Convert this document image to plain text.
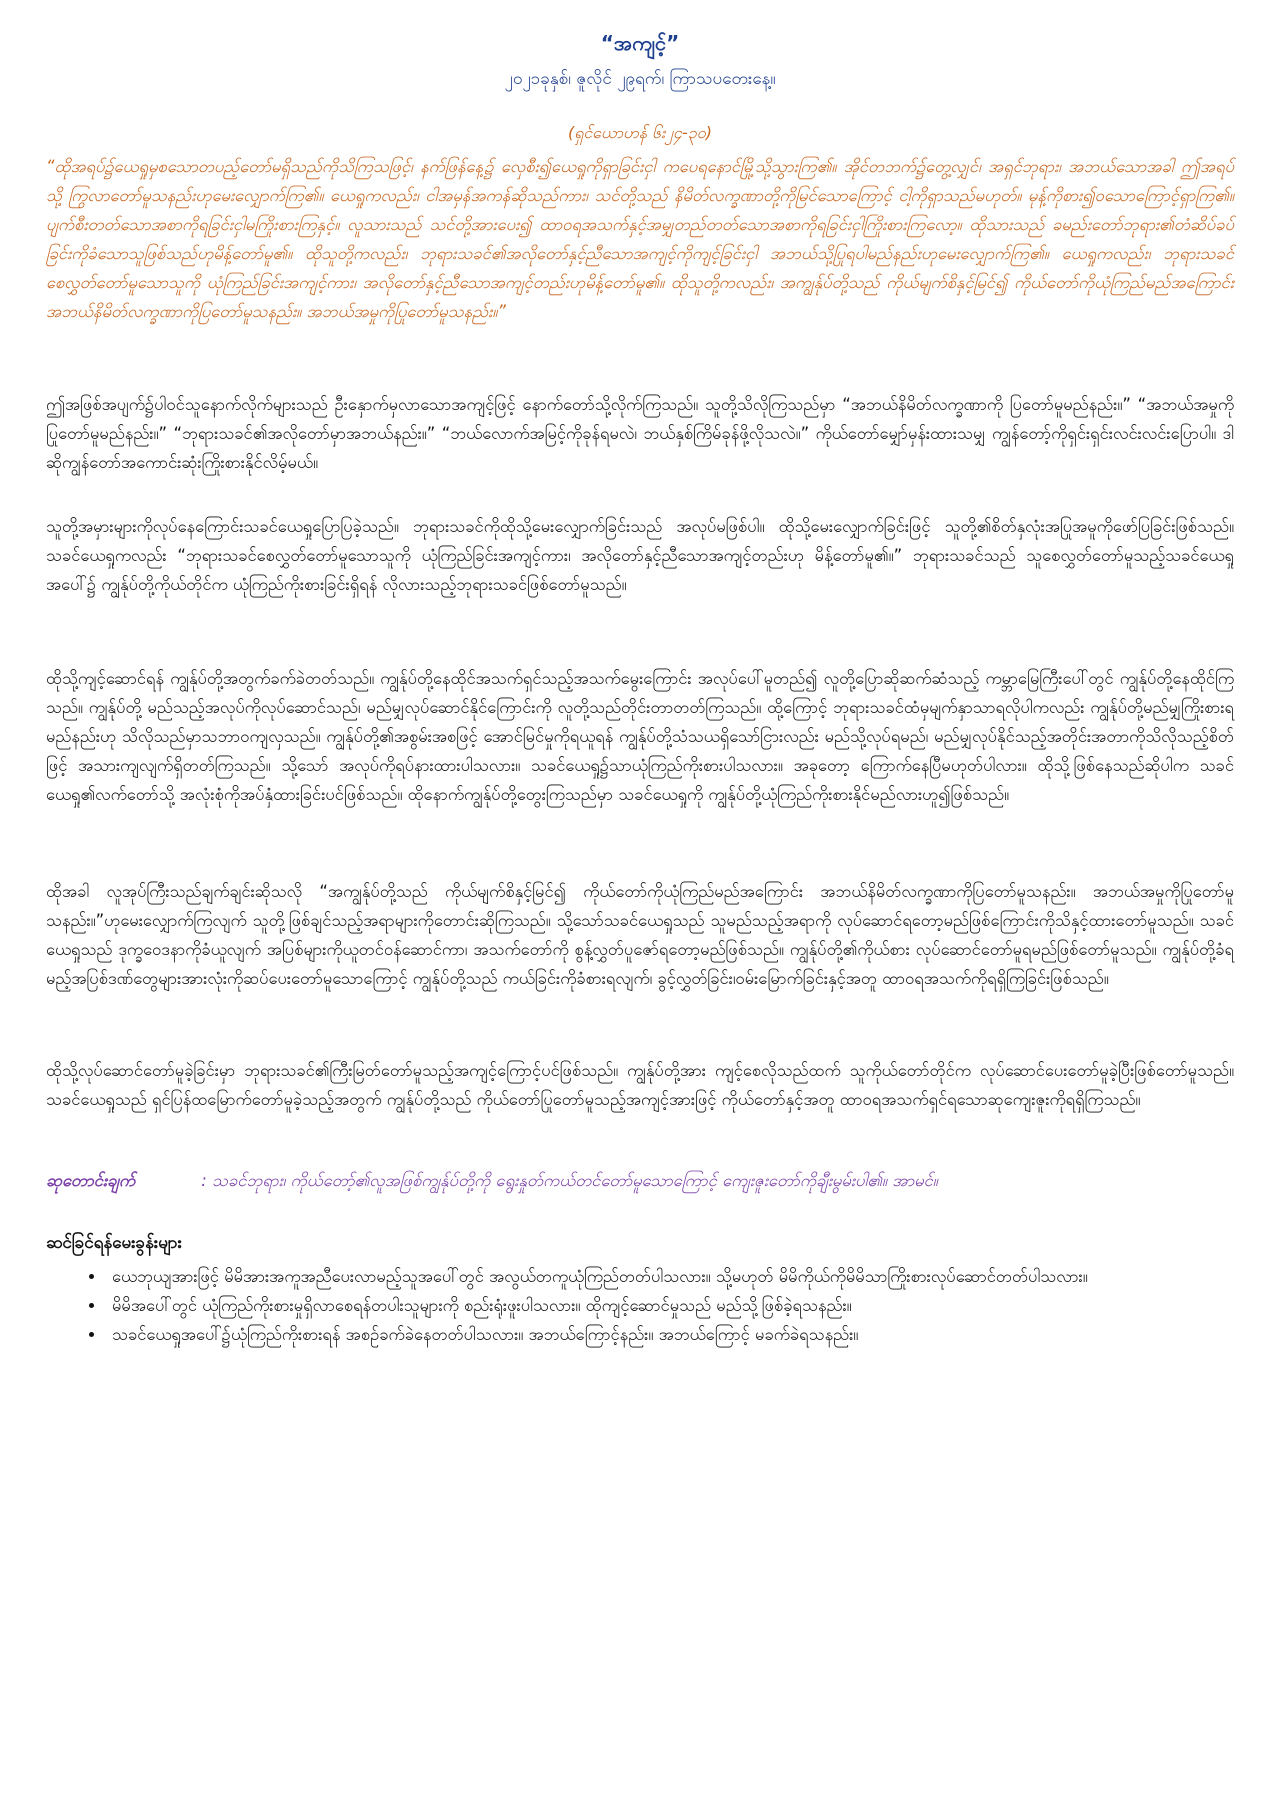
“အကျင့်”
၂၀၂၁ခုနှစ်၊ ဇူလိုင် ၂၉ရက်၊ ကြာသပတေးနေ့။
(ရှင်ယောဟန် ၆း၂၄-၃၀)
“ထိုအရပ်၌ယေရှုမှစသောတပည့်တော်မရှိသည်ကိုသိကြသဖြင့်၊ နက်ဖြန်နေ့၌ လှေစီး၍ယေရှုကိုရှာခြင်းငှါ ကပေရနောင်မြို့သို့သွားကြ၏။ အိုင်တဘက်၌တွေ့လျှင်၊ အရှင်ဘုရား၊ အဘယ်သောအခါ ဤအရပ်သို့ ကြွလာတော်မူသနည်းဟုမေးလျှောက်ကြ၏။ ယေရှုကလည်း၊ ငါအမှန်အကန်ဆိုသည်ကား၊ သင်တို့သည် နိမိတ်လက္ခဏာတို့ကိုမြင်သောကြောင့် ငါ့ကိုရှာသည်မဟုတ်။ မုန့်ကိုစား၍ဝသောကြောင့်ရှာကြ၏။ ပျက်စီးတတ်သောအစာကိုရခြင်းငှါမကြိုးစားကြနှင့်။ လူသားသည် သင်တို့အားပေး၍ ထာဝရအသက်နှင့်အမျှတည်တတ်သောအစာကိုရခြင်းငှါကြိုးစားကြလော့။ ထိုသားသည် ခမည်းတော်ဘုရား၏တံဆိပ်ခပ်ခြင်းကိုခံသောသူဖြစ်သည်ဟုမိန့်တော်မူ၏။ ထိုသူတို့ကလည်း၊ ဘုရားသခင်၏အလိုတော်နှင့်ညီသောအကျင့်ကိုကျင့်ခြင်းငှါ အဘယ်သို့ပြုရပါမည်နည်းဟုမေးလျှောက်ကြ၏။ ယေရှုကလည်း၊ ဘုရားသခင်စေလွှတ်တော်မူသောသူကို ယုံကြည်ခြင်းအကျင့်ကား၊ အလိုတော်နှင့်ညီသောအကျင့်တည်းဟုမိန့်တော်မူ၏။ ထိုသူတို့ကလည်း၊ အကျွန်ုပ်တို့သည် ကိုယ်မျက်စိနှင့်မြင်၍ ကိုယ်တော်ကိုယုံကြည်မည်အကြောင်း အဘယ်နိမိတ်လက္ခဏာကိုပြတော်မူသနည်း။ အဘယ်အမှုကိုပြုတော်မူသနည်း။”
ဤအဖြစ်အပျက်၌ပါဝင်သူနောက်လိုက်များသည် ဦးနှောက်မှလာသောအကျင့်ဖြင့် နောက်တော်သို့လိုက်ကြသည်။ သူတို့သိလိုကြသည်မှာ “အဘယ်နိမိတ်လက္ခဏာကို ပြတော်မူမည်နည်း။” “အဘယ်အမှုကိုပြုတော်မူမည်နည်း။” “ဘုရားသခင်၏အလိုတော်မှာအဘယ်နည်း။” “ဘယ်လောက်အမြင့်ကိုခုန်ရမလဲ၊ ဘယ်နှစ်ကြိမ်ခုန်ဖို့လိုသလဲ။” ကိုယ်တော်မျှော်မှန်းထားသမျှ ကျွန်တော့်ကိုရှင်းရှင်းလင်းလင်းပြောပါ။ ဒါဆိုကျွန်တော်အကောင်းဆုံးကြိုးစားနိုင်လိမ့်မယ်။
သူတို့အမှားများကိုလုပ်နေကြောင်းသခင်ယေရှုပြောပြခဲ့သည်။ ဘုရားသခင်ကိုထိုသို့မေးလျှောက်ခြင်းသည် အလုပ်မဖြစ်ပါ။ ထိုသို့မေးလျှောက်ခြင်းဖြင့် သူတို့၏စိတ်နှလုံးအပြုအမူကိုဖော်ပြခြင်းဖြစ်သည်။ သခင်ယေရှုကလည်း “ဘုရားသခင်စေလွှတ်တော်မူသောသူကို ယုံကြည်ခြင်းအကျင့်ကား၊ အလိုတော်နှင့်ညီသောအကျင့်တည်းဟု မိန့်တော်မူ၏။” ဘုရားသခင်သည် သူစေလွှတ်တော်မူသည့်သခင်ယေရှုအပေါ်၌ ကျွန်ုပ်တို့ကိုယ်တိုင်က ယုံကြည်ကိုးစားခြင်းရှိရန် လိုလားသည့်ဘုရားသခင်ဖြစ်တော်မူသည်။
ထိုသို့ကျင့်ဆောင်ရန် ကျွန်ုပ်တို့အတွက်ခက်ခဲတတ်သည်။ ကျွန်ုပ်တို့နေထိုင်အသက်ရှင်သည့်အသက်မွေးကြောင်း အလုပ်ပေါ်မူတည်၍ လူတို့ပြောဆိုဆက်ဆံသည့် ကမ္ဘာမြေကြီးပေါ်တွင် ကျွန်ုပ်တို့နေထိုင်ကြသည်။ ကျွန်ုပ်တို့ မည်သည့်အလုပ်ကိုလုပ်ဆောင်သည်၊ မည်မျှလုပ်ဆောင်နိုင်ကြောင်းကို လူတို့သည်တိုင်းတာတတ်ကြသည်။ ထို့ကြောင့် ဘုရားသခင်ထံမှမျက်နှာသာရလိုပါကလည်း ကျွန်ုပ်တို့မည်မျှကြိုးစားရမည်နည်းဟု သိလိုသည်မှာသဘာဝကျလှသည်။ ကျွန်ုပ်တို့၏အစွမ်းအစဖြင့် အောင်မြင်မှုကိုရယူရန် ကျွန်ုပ်တို့သံသယရှိသော်ငြားလည်း မည်သို့လုပ်ရမည်၊ မည်မျှလုပ်နိုင်သည့်အတိုင်းအတာကိုသိလိုသည့်စိတ်ဖြင့် အသားကျလျက်ရှိတတ်ကြသည်။ သို့သော် အလုပ်ကိုရပ်နားထားပါသလား။ သခင်ယေရှု၌သာယုံကြည်ကိုးစားပါသလား။ အခုတော့ ကြောက်နေပြီမဟုတ်ပါလား။ ထိုသို့ဖြစ်နေသည်ဆိုပါက သခင်ယေရှု၏လက်တော်သို့ အလုံးစုံကိုအပ်နှံထားခြင်းပင်ဖြစ်သည်။ ထိုနောက်ကျွန်ုပ်တို့တွေးကြသည်မှာ သခင်ယေရှုကို ကျွန်ုပ်တို့ယုံကြည်ကိုးစားနိုင်မည်လားဟူ၍ဖြစ်သည်။
ထိုအခါ လူအုပ်ကြီးသည်ချက်ချင်းဆိုသလို “အကျွန်ုပ်တို့သည် ကိုယ်မျက်စိနှင့်မြင်၍ ကိုယ်တော်ကိုယုံကြည်မည်အကြောင်း အဘယ်နိမိတ်လက္ခဏာကိုပြတော်မူသနည်း။ အဘယ်အမှုကိုပြုတော်မူသနည်း။”ဟုမေးလျှောက်ကြလျက် သူတို့ဖြစ်ချင်သည့်အရာများကိုတောင်းဆိုကြသည်။ သို့သော်သခင်ယေရှုသည် သူမည်သည့်အရာကို လုပ်ဆောင်ရတော့မည်ဖြစ်ကြောင်းကိုသိနှင့်ထားတော်မူသည်။ သခင်ယေရှုသည် ဒုက္ခဝေဒနာကိုခံယူလျက် အပြစ်များကိုယူတင်ဝန်ဆောင်ကာ၊ အသက်တော်ကို စွန့်လွှတ်ပူဇော်ရတော့မည်ဖြစ်သည်။ ကျွန်ုပ်တို့၏ကိုယ်စား လုပ်ဆောင်တော်မူရမည်ဖြစ်တော်မူသည်။ ကျွန်ုပ်တို့ခံရမည့်အပြစ်ဒဏ်တွေများအားလုံးကိုဆပ်ပေးတော်မူသောကြောင့် ကျွန်ုပ်တို့သည် ကယ်ခြင်းကိုခံစားရလျက်၊ ခွင့်လွှတ်ခြင်း၊ဝမ်းမြောက်ခြင်းနှင့်အတူ ထာဝရအသက်ကိုရရှိကြခြင်းဖြစ်သည်။
ထိုသို့လုပ်ဆောင်တော်မူခဲ့ခြင်းမှာ ဘုရားသခင်၏ကြီးမြတ်တော်မူသည့်အကျင့်ကြောင့်ပင်ဖြစ်သည်။ ကျွန်ုပ်တို့အား ကျင့်စေလိုသည်ထက် သူကိုယ်တော်တိုင်က လုပ်ဆောင်ပေးတော်မူခဲ့ပြီးဖြစ်တော်မူသည်။ သခင်ယေရှုသည် ရှင်ပြန်ထမြောက်တော်မူခဲ့သည့်အတွက် ကျွန်ုပ်တို့သည် ကိုယ်တော်ပြုတော်မူသည့်အကျင့်အားဖြင့် ကိုယ်တော်နှင့်အတူ ထာဝရအသက်ရှင်ရသောဆုကျေးဇူးကိုရရှိကြသည်။
ဆုတောင်းချက်	: သခင်ဘုရား၊ ကိုယ်တော့်၏လူအဖြစ်ကျွန်ုပ်တို့ကို ရွေးနှုတ်ကယ်တင်တော်မူသောကြောင့် ကျေးဇူးတော်ကိုချီးမွမ်းပါ၏။ အာမင်။
ဆင်ခြင်ရန်မေးခွန်းများ
• ယေဘုယျအားဖြင့် မိမိအားအကူအညီပေးလာမည့်သူအပေါ်တွင် အလွယ်တကူယုံကြည်တတ်ပါသလား။ သို့မဟုတ် မိမိကိုယ်ကိုမိမိသာကြိုးစားလုပ်ဆောင်တတ်ပါသလား။
• မိမိအပေါ်တွင် ယုံကြည်ကိုးစားမှုရှိလာစေရန်တပါးသူများကို စည်းရုံးဖူးပါသလား။ ထိုကျင့်ဆောင်မှုသည် မည်သို့ဖြစ်ခဲ့ရသနည်း။
• သခင်ယေရှုအပေါ်၌ယုံကြည်ကိုးစားရန် အစဉ်ခက်ခဲနေတတ်ပါသလား။ အဘယ်ကြောင့်နည်း။ အဘယ်ကြောင့် မခက်ခဲရသနည်း။
